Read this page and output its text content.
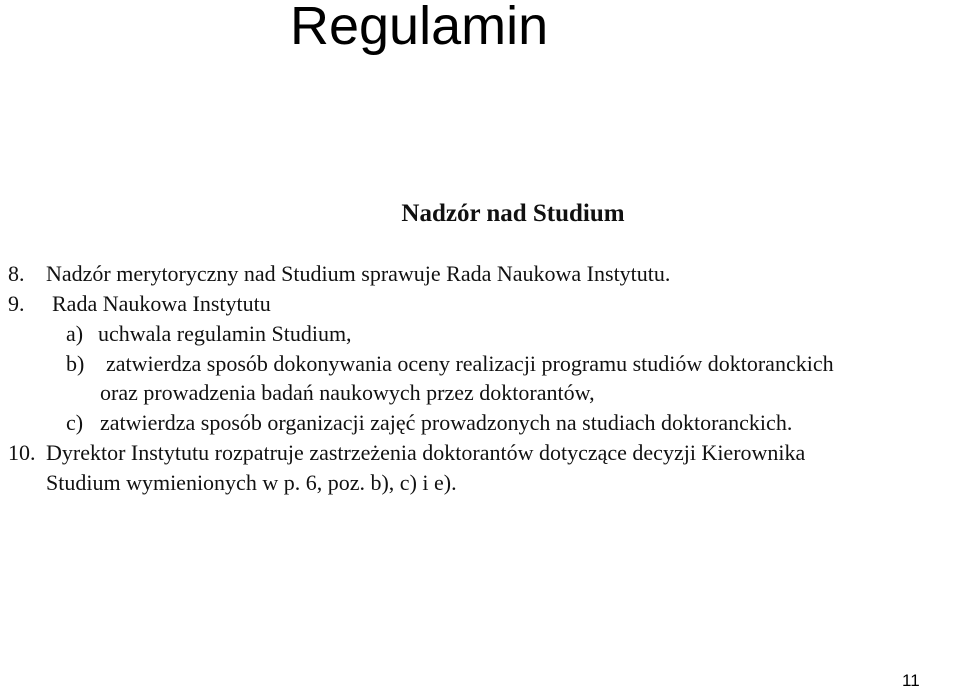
Regulamin
Nadzór nad Studium
8. Nadzór merytoryczny nad Studium sprawuje Rada Naukowa Instytutu.
9. Rada Naukowa Instytutu
a) uchwala regulamin Studium,
b) zatwierdza sposób dokonywania oceny realizacji programu studiów doktoranckich
oraz prowadzenia badań naukowych przez doktorantów,
c) zatwierdza sposób organizacji zajęć prowadzonych na studiach doktoranckich.
10. Dyrektor Instytutu rozpatruje zastrzeżenia doktorantów dotyczące decyzji Kierownika
Studium wymienionych w p. 6, poz. b), c) i e).
11
